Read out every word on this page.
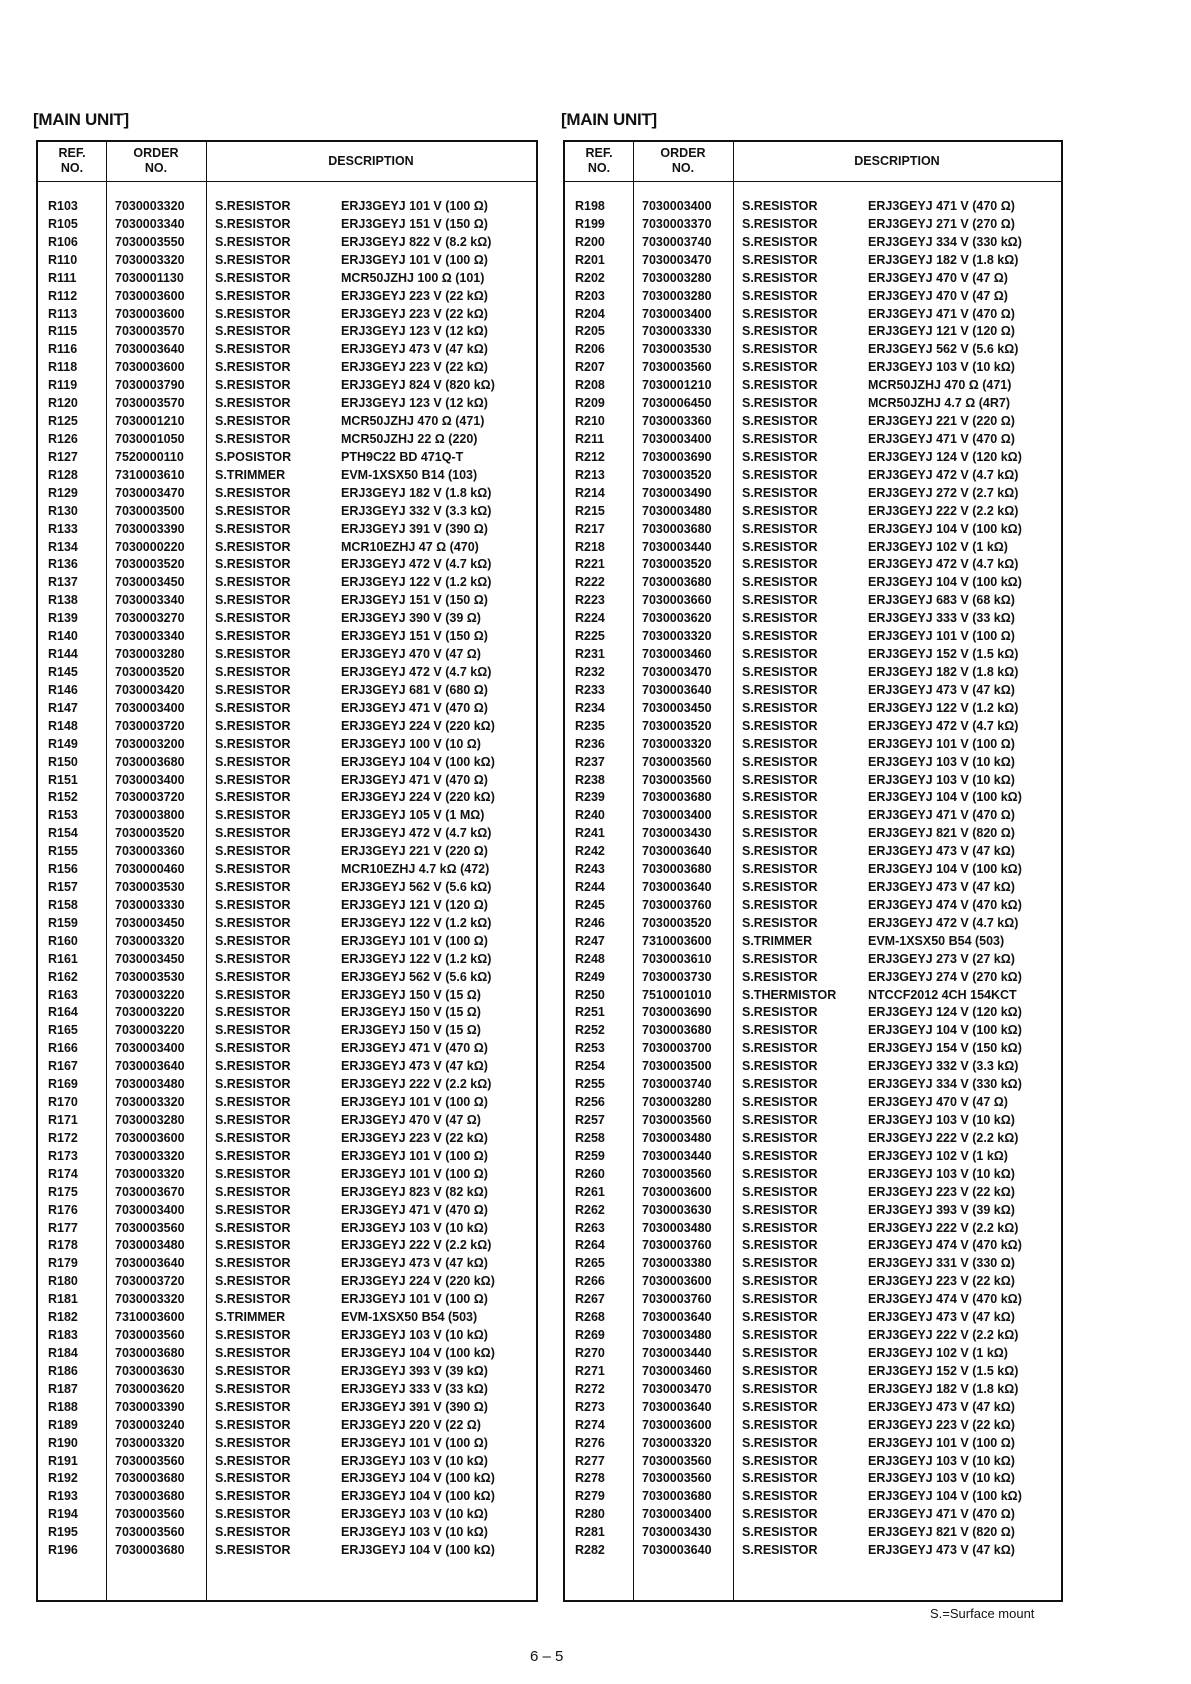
[MAIN UNIT]	[MAIN UNIT]
REF.
NO.
ORDER
NO.	DESCRIPTION
R103	7030003320 S.RESISTOR	ERJ3GEYJ 101 V (100 Ω)
R105	7030003340 S.RESISTOR	ERJ3GEYJ 151 V (150 Ω)
R106	7030003550 S.RESISTOR	ERJ3GEYJ 822 V (8.2 kΩ)
R110	7030003320 S.RESISTOR	ERJ3GEYJ 101 V (100 Ω)
R111	7030001130 S.RESISTOR	MCR50JZHJ 100 Ω (101)
R112	7030003600 S.RESISTOR	ERJ3GEYJ 223 V (22 kΩ)
R113	7030003600 S.RESISTOR	ERJ3GEYJ 223 V (22 kΩ)
R115	7030003570 S.RESISTOR	ERJ3GEYJ 123 V (12 kΩ)
R116	7030003640 S.RESISTOR	ERJ3GEYJ 473 V (47 kΩ)
R118	7030003600 S.RESISTOR	ERJ3GEYJ 223 V (22 kΩ)
R119	7030003790 S.RESISTOR	ERJ3GEYJ 824 V (820 kΩ)
R120	7030003570 S.RESISTOR	ERJ3GEYJ 123 V (12 kΩ)
R125	7030001210 S.RESISTOR	MCR50JZHJ 470 Ω (471)
R126	7030001050 S.RESISTOR	MCR50JZHJ 22 Ω (220)
R127	7520000110 S.POSISTOR	PTH9C22 BD 471Q-T
R128	7310003610 S.TRIMMER	EVM-1XSX50 B14 (103)
R129	7030003470 S.RESISTOR	ERJ3GEYJ 182 V (1.8 kΩ)
R130	7030003500 S.RESISTOR	ERJ3GEYJ 332 V (3.3 kΩ)
R133	7030003390 S.RESISTOR	ERJ3GEYJ 391 V (390 Ω)
R134	7030000220 S.RESISTOR	MCR10EZHJ 47 Ω (470)
R136	7030003520 S.RESISTOR	ERJ3GEYJ 472 V (4.7 kΩ)
R137	7030003450 S.RESISTOR	ERJ3GEYJ 122 V (1.2 kΩ)
R138	7030003340 S.RESISTOR	ERJ3GEYJ 151 V (150 Ω)
R139	7030003270 S.RESISTOR	ERJ3GEYJ 390 V (39 Ω)
R140	7030003340 S.RESISTOR	ERJ3GEYJ 151 V (150 Ω)
R144	7030003280 S.RESISTOR	ERJ3GEYJ 470 V (47 Ω)
R145	7030003520 S.RESISTOR	ERJ3GEYJ 472 V (4.7 kΩ)
R146	7030003420 S.RESISTOR	ERJ3GEYJ 681 V (680 Ω)
R147	7030003400 S.RESISTOR	ERJ3GEYJ 471 V (470 Ω)
R148	7030003720 S.RESISTOR	ERJ3GEYJ 224 V (220 kΩ)
R149	7030003200 S.RESISTOR	ERJ3GEYJ 100 V (10 Ω)
R150	7030003680 S.RESISTOR	ERJ3GEYJ 104 V (100 kΩ)
R151	7030003400 S.RESISTOR	ERJ3GEYJ 471 V (470 Ω)
R152	7030003720 S.RESISTOR	ERJ3GEYJ 224 V (220 kΩ)
R153	7030003800 S.RESISTOR	ERJ3GEYJ 105 V (1 MΩ)
R154	7030003520 S.RESISTOR	ERJ3GEYJ 472 V (4.7 kΩ)
R155	7030003360 S.RESISTOR	ERJ3GEYJ 221 V (220 Ω)
R156	7030000460 S.RESISTOR	MCR10EZHJ 4.7 kΩ (472)
R157	7030003530 S.RESISTOR	ERJ3GEYJ 562 V (5.6 kΩ)
R158	7030003330 S.RESISTOR	ERJ3GEYJ 121 V (120 Ω)
R159	7030003450 S.RESISTOR	ERJ3GEYJ 122 V (1.2 kΩ)
R160	7030003320 S.RESISTOR	ERJ3GEYJ 101 V (100 Ω)
R161	7030003450 S.RESISTOR	ERJ3GEYJ 122 V (1.2 kΩ)
R162	7030003530 S.RESISTOR	ERJ3GEYJ 562 V (5.6 kΩ)
R163	7030003220 S.RESISTOR	ERJ3GEYJ 150 V (15 Ω)
R164	7030003220 S.RESISTOR	ERJ3GEYJ 150 V (15 Ω)
R165	7030003220 S.RESISTOR	ERJ3GEYJ 150 V (15 Ω)
R166	7030003400 S.RESISTOR	ERJ3GEYJ 471 V (470 Ω)
R167	7030003640 S.RESISTOR	ERJ3GEYJ 473 V (47 kΩ)
R169	7030003480 S.RESISTOR	ERJ3GEYJ 222 V (2.2 kΩ)
R170	7030003320 S.RESISTOR	ERJ3GEYJ 101 V (100 Ω)
R171	7030003280 S.RESISTOR	ERJ3GEYJ 470 V (47 Ω)
R172	7030003600 S.RESISTOR	ERJ3GEYJ 223 V (22 kΩ)
R173	7030003320 S.RESISTOR	ERJ3GEYJ 101 V (100 Ω)
R174	7030003320 S.RESISTOR	ERJ3GEYJ 101 V (100 Ω)
R175	7030003670 S.RESISTOR	ERJ3GEYJ 823 V (82 kΩ)
R176	7030003400 S.RESISTOR	ERJ3GEYJ 471 V (470 Ω)
R177	7030003560 S.RESISTOR	ERJ3GEYJ 103 V (10 kΩ)
R178	7030003480 S.RESISTOR	ERJ3GEYJ 222 V (2.2 kΩ)
R179	7030003640 S.RESISTOR	ERJ3GEYJ 473 V (47 kΩ)
R180	7030003720 S.RESISTOR	ERJ3GEYJ 224 V (220 kΩ)
R181	7030003320 S.RESISTOR	ERJ3GEYJ 101 V (100 Ω)
R182	7310003600 S.TRIMMER	EVM-1XSX50 B54 (503)
R183	7030003560 S.RESISTOR	ERJ3GEYJ 103 V (10 kΩ)
R184	7030003680 S.RESISTOR	ERJ3GEYJ 104 V (100 kΩ)
R186	7030003630 S.RESISTOR	ERJ3GEYJ 393 V (39 kΩ)
R187	7030003620 S.RESISTOR	ERJ3GEYJ 333 V (33 kΩ)
R188	7030003390 S.RESISTOR	ERJ3GEYJ 391 V (390 Ω)
R189	7030003240 S.RESISTOR	ERJ3GEYJ 220 V (22 Ω)
R190	7030003320 S.RESISTOR	ERJ3GEYJ 101 V (100 Ω)
R191	7030003560 S.RESISTOR	ERJ3GEYJ 103 V (10 kΩ)
R192	7030003680 S.RESISTOR	ERJ3GEYJ 104 V (100 kΩ)
R193	7030003680 S.RESISTOR	ERJ3GEYJ 104 V (100 kΩ)
R194	7030003560 S.RESISTOR	ERJ3GEYJ 103 V (10 kΩ)
R195	7030003560 S.RESISTOR	ERJ3GEYJ 103 V (10 kΩ)
R196	7030003680 S.RESISTOR	ERJ3GEYJ 104 V (100 kΩ)
REF.
NO.
ORDER
NO.	DESCRIPTION
R198	7030003400 S.RESISTOR	ERJ3GEYJ 471 V (470 Ω)
R199	7030003370 S.RESISTOR	ERJ3GEYJ 271 V (270 Ω)
R200	7030003740 S.RESISTOR	ERJ3GEYJ 334 V (330 kΩ)
R201	7030003470 S.RESISTOR	ERJ3GEYJ 182 V (1.8 kΩ)
R202	7030003280 S.RESISTOR	ERJ3GEYJ 470 V (47 Ω)
R203	7030003280 S.RESISTOR	ERJ3GEYJ 470 V (47 Ω)
R204	7030003400 S.RESISTOR	ERJ3GEYJ 471 V (470 Ω)
R205	7030003330 S.RESISTOR	ERJ3GEYJ 121 V (120 Ω)
R206	7030003530 S.RESISTOR	ERJ3GEYJ 562 V (5.6 kΩ)
R207	7030003560 S.RESISTOR	ERJ3GEYJ 103 V (10 kΩ)
R208	7030001210 S.RESISTOR	MCR50JZHJ 470 Ω (471)
R209	7030006450 S.RESISTOR	MCR50JZHJ 4.7 Ω (4R7)
R210	7030003360 S.RESISTOR	ERJ3GEYJ 221 V (220 Ω)
R211	7030003400 S.RESISTOR	ERJ3GEYJ 471 V (470 Ω)
R212	7030003690 S.RESISTOR	ERJ3GEYJ 124 V (120 kΩ)
R213	7030003520 S.RESISTOR	ERJ3GEYJ 472 V (4.7 kΩ)
R214	7030003490 S.RESISTOR	ERJ3GEYJ 272 V (2.7 kΩ)
R215	7030003480 S.RESISTOR	ERJ3GEYJ 222 V (2.2 kΩ)
R217	7030003680 S.RESISTOR	ERJ3GEYJ 104 V (100 kΩ)
R218	7030003440 S.RESISTOR	ERJ3GEYJ 102 V (1 kΩ)
R221	7030003520 S.RESISTOR	ERJ3GEYJ 472 V (4.7 kΩ)
R222	7030003680 S.RESISTOR	ERJ3GEYJ 104 V (100 kΩ)
R223	7030003660 S.RESISTOR	ERJ3GEYJ 683 V (68 kΩ)
R224	7030003620 S.RESISTOR	ERJ3GEYJ 333 V (33 kΩ)
R225	7030003320 S.RESISTOR	ERJ3GEYJ 101 V (100 Ω)
R231	7030003460 S.RESISTOR	ERJ3GEYJ 152 V (1.5 kΩ)
R232	7030003470 S.RESISTOR	ERJ3GEYJ 182 V (1.8 kΩ)
R233	7030003640 S.RESISTOR	ERJ3GEYJ 473 V (47 kΩ)
R234	7030003450 S.RESISTOR	ERJ3GEYJ 122 V (1.2 kΩ)
R235	7030003520 S.RESISTOR	ERJ3GEYJ 472 V (4.7 kΩ)
R236	7030003320 S.RESISTOR	ERJ3GEYJ 101 V (100 Ω)
R237	7030003560 S.RESISTOR	ERJ3GEYJ 103 V (10 kΩ)
R238	7030003560 S.RESISTOR	ERJ3GEYJ 103 V (10 kΩ)
R239	7030003680 S.RESISTOR	ERJ3GEYJ 104 V (100 kΩ)
R240	7030003400 S.RESISTOR	ERJ3GEYJ 471 V (470 Ω)
R241	7030003430 S.RESISTOR	ERJ3GEYJ 821 V (820 Ω)
R242	7030003640 S.RESISTOR	ERJ3GEYJ 473 V (47 kΩ)
R243	7030003680 S.RESISTOR	ERJ3GEYJ 104 V (100 kΩ)
R244	7030003640 S.RESISTOR	ERJ3GEYJ 473 V (47 kΩ)
R245	7030003760 S.RESISTOR	ERJ3GEYJ 474 V (470 kΩ)
R246	7030003520 S.RESISTOR	ERJ3GEYJ 472 V (4.7 kΩ)
R247	7310003600 S.TRIMMER	EVM-1XSX50 B54 (503)
R248	7030003610 S.RESISTOR	ERJ3GEYJ 273 V (27 kΩ)
R249	7030003730 S.RESISTOR	ERJ3GEYJ 274 V (270 kΩ)
R250	7510001010 S.THERMISTOR	NTCCF2012 4CH 154KCT
R251	7030003690 S.RESISTOR	ERJ3GEYJ 124 V (120 kΩ)
R252	7030003680 S.RESISTOR	ERJ3GEYJ 104 V (100 kΩ)
R253	7030003700 S.RESISTOR	ERJ3GEYJ 154 V (150 kΩ)
R254	7030003500 S.RESISTOR	ERJ3GEYJ 332 V (3.3 kΩ)
R255	7030003740 S.RESISTOR	ERJ3GEYJ 334 V (330 kΩ)
R256	7030003280 S.RESISTOR	ERJ3GEYJ 470 V (47 Ω)
R257	7030003560 S.RESISTOR	ERJ3GEYJ 103 V (10 kΩ)
R258	7030003480 S.RESISTOR	ERJ3GEYJ 222 V (2.2 kΩ)
R259	7030003440 S.RESISTOR	ERJ3GEYJ 102 V (1 kΩ)
R260	7030003560 S.RESISTOR	ERJ3GEYJ 103 V (10 kΩ)
R261	7030003600 S.RESISTOR	ERJ3GEYJ 223 V (22 kΩ)
R262	7030003630 S.RESISTOR	ERJ3GEYJ 393 V (39 kΩ)
R263	7030003480 S.RESISTOR	ERJ3GEYJ 222 V (2.2 kΩ)
R264	7030003760 S.RESISTOR	ERJ3GEYJ 474 V (470 kΩ)
R265	7030003380 S.RESISTOR	ERJ3GEYJ 331 V (330 Ω)
R266	7030003600 S.RESISTOR	ERJ3GEYJ 223 V (22 kΩ)
R267	7030003760 S.RESISTOR	ERJ3GEYJ 474 V (470 kΩ)
R268	7030003640 S.RESISTOR	ERJ3GEYJ 473 V (47 kΩ)
R269	7030003480 S.RESISTOR	ERJ3GEYJ 222 V (2.2 kΩ)
R270	7030003440 S.RESISTOR	ERJ3GEYJ 102 V (1 kΩ)
R271	7030003460 S.RESISTOR	ERJ3GEYJ 152 V (1.5 kΩ)
R272	7030003470 S.RESISTOR	ERJ3GEYJ 182 V (1.8 kΩ)
R273	7030003640 S.RESISTOR	ERJ3GEYJ 473 V (47 kΩ)
R274	7030003600 S.RESISTOR	ERJ3GEYJ 223 V (22 kΩ)
R276	7030003320 S.RESISTOR	ERJ3GEYJ 101 V (100 Ω)
R277	7030003560 S.RESISTOR	ERJ3GEYJ 103 V (10 kΩ)
R278	7030003560 S.RESISTOR	ERJ3GEYJ 103 V (10 kΩ)
R279	7030003680 S.RESISTOR	ERJ3GEYJ 104 V (100 kΩ)
R280	7030003400 S.RESISTOR	ERJ3GEYJ 471 V (470 Ω)
R281	7030003430 S.RESISTOR	ERJ3GEYJ 821 V (820 Ω)
R282	7030003640 S.RESISTOR	ERJ3GEYJ 473 V (47 kΩ)
S.=Surface mount
6 – 5
